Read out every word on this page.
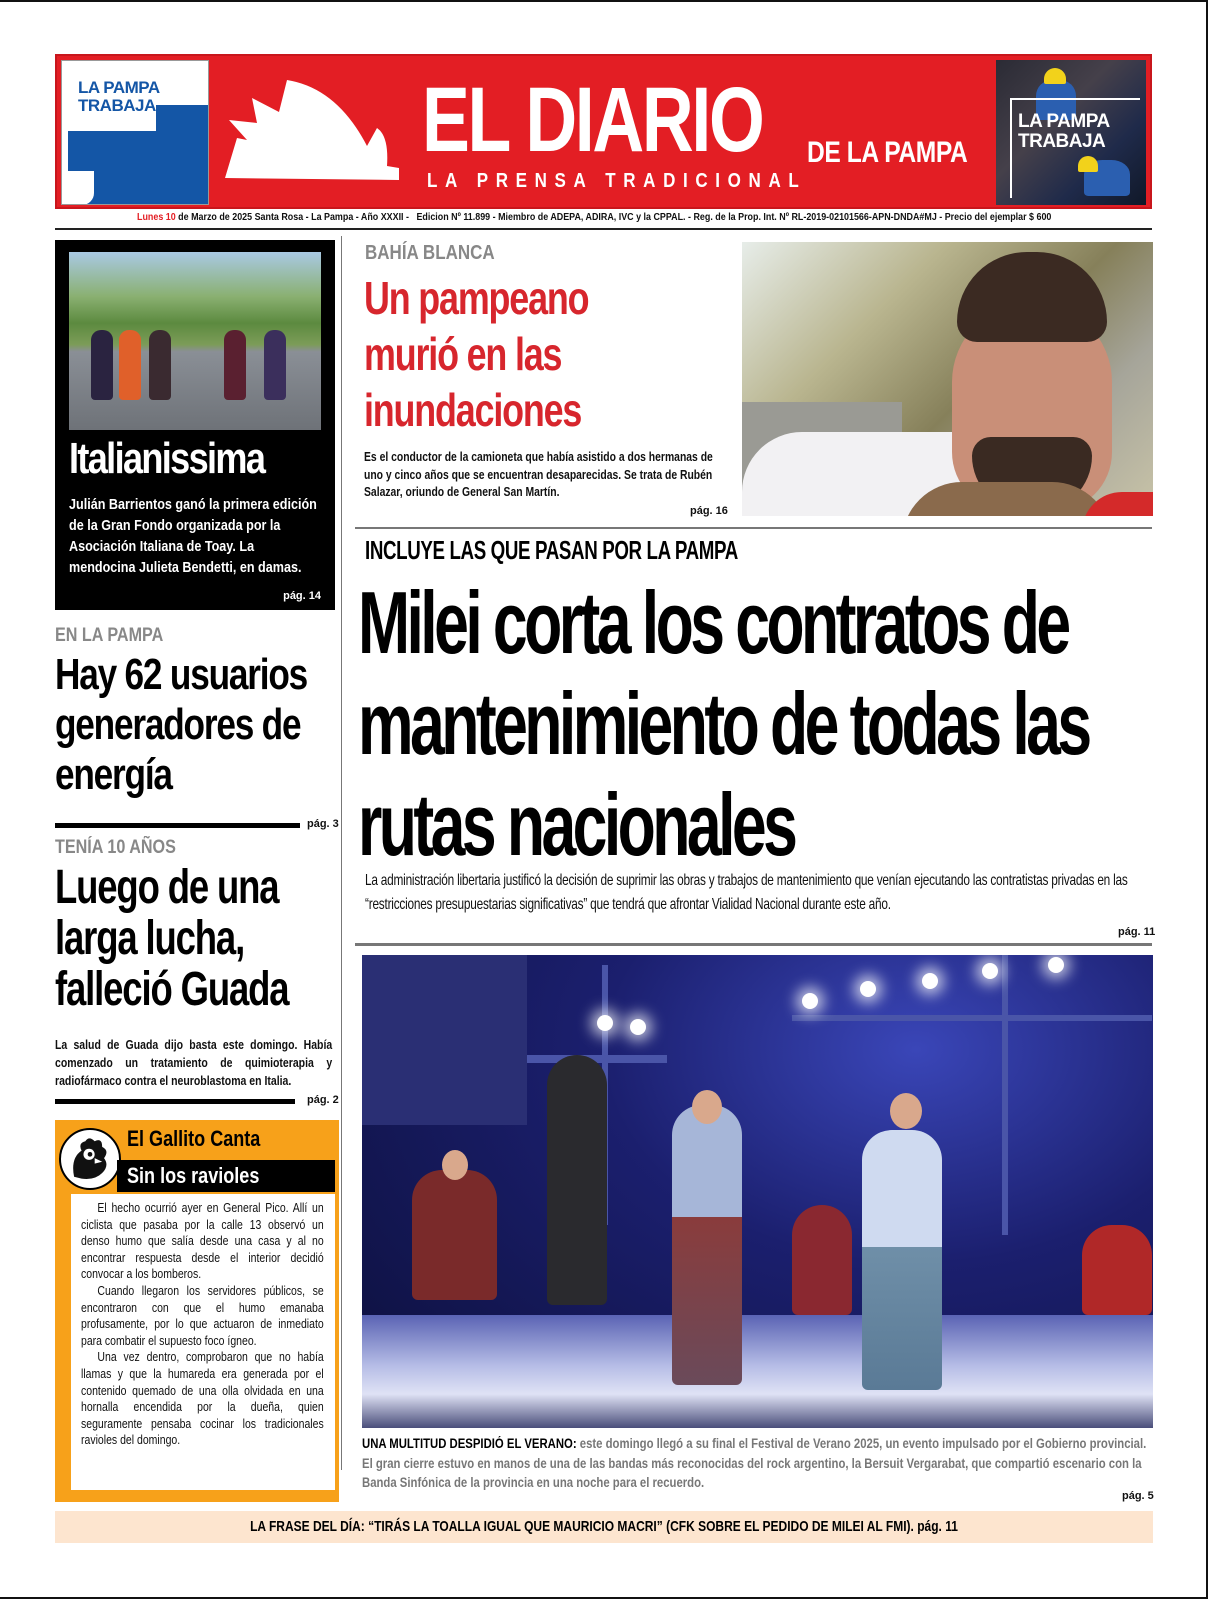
LA PAMPA
TRABAJA	EL DIARIO DE LA PAMPA
LA PRENSA TRADICIONAL
LA PAMPA
TRABAJA
Lunes 10 de Marzo de 2025 Santa Rosa - La Pampa - Año XXXII - Edicion Nº 11.899 - Miembro de ADEPA, ADIRA, IVC y la CPPAL. - Reg. de la Prop. Int. Nº RL-2019-02101566-APN-DNDA#MJ - Precio del ejemplar $ 600
Italianissima

Julián Barrientos ganó la primera edición de la Gran Fondo organizada por la Asociación Italiana de Toay. La mendocina Julieta Bendetti, en damas.

pág. 14
EN LA PAMPA
Hay 62 usuarios generadores de energía
pág. 3
TENÍA 10 AÑOS
Luego de una larga lucha, falleció Guada
La salud de Guada dijo basta este domingo. Había comenzado un tratamiento de quimioterapia y radiofármaco contra el neuroblastoma en Italia.
pág. 2
El Gallito Canta
Sin los ravioles

El hecho ocurrió ayer en General Pico. Allí un ciclista que pasaba por la calle 13 observó un denso humo que salía desde una casa y al no encontrar respuesta desde el interior decidió convocar a los bomberos.

Cuando llegaron los servidores públicos, se encontraron con que el humo emanaba profusamente, por lo que actuaron de inmediato para combatir el supuesto foco ígneo.

Una vez dentro, comprobaron que no había llamas y que la humareda era generada por el contenido quemado de una olla olvidada en una hornalla encendida por la dueña, quien seguramente pensaba cocinar los tradicionales ravioles del domingo.

BAHÍA BLANCA
Un pampeano murió en las inundaciones
Es el conductor de la camioneta que había asistido a dos hermanas de uno y cinco años que se encuentran desaparecidas. Se trata de Rubén Salazar, oriundo de General San Martín.
pág. 16
INCLUYE LAS QUE PASAN POR LA PAMPA
Milei corta los contratos de mantenimiento de todas las rutas nacionales
La administración libertaria justificó la decisión de suprimir las obras y trabajos de mantenimiento que venían ejecutando las contratistas privadas en las “restricciones presupuestarias significativas” que tendrá que afrontar Vialidad Nacional durante este año.
pág. 11
UNA MULTITUD DESPIDIÓ EL VERANO: este domingo llegó a su final el Festival de Verano 2025, un evento impulsado por el Gobierno provincial. El gran cierre estuvo en manos de una de las bandas más reconocidas del rock argentino, la Bersuit Vergarabat, que compartió escenario con la Banda Sinfónica de la provincia en una noche para el recuerdo.
pág. 5
LA FRASE DEL DÍA: “TIRÁS LA TOALLA IGUAL QUE MAURICIO MACRI” (CFK SOBRE EL PEDIDO DE MILEI AL FMI). pág. 11
